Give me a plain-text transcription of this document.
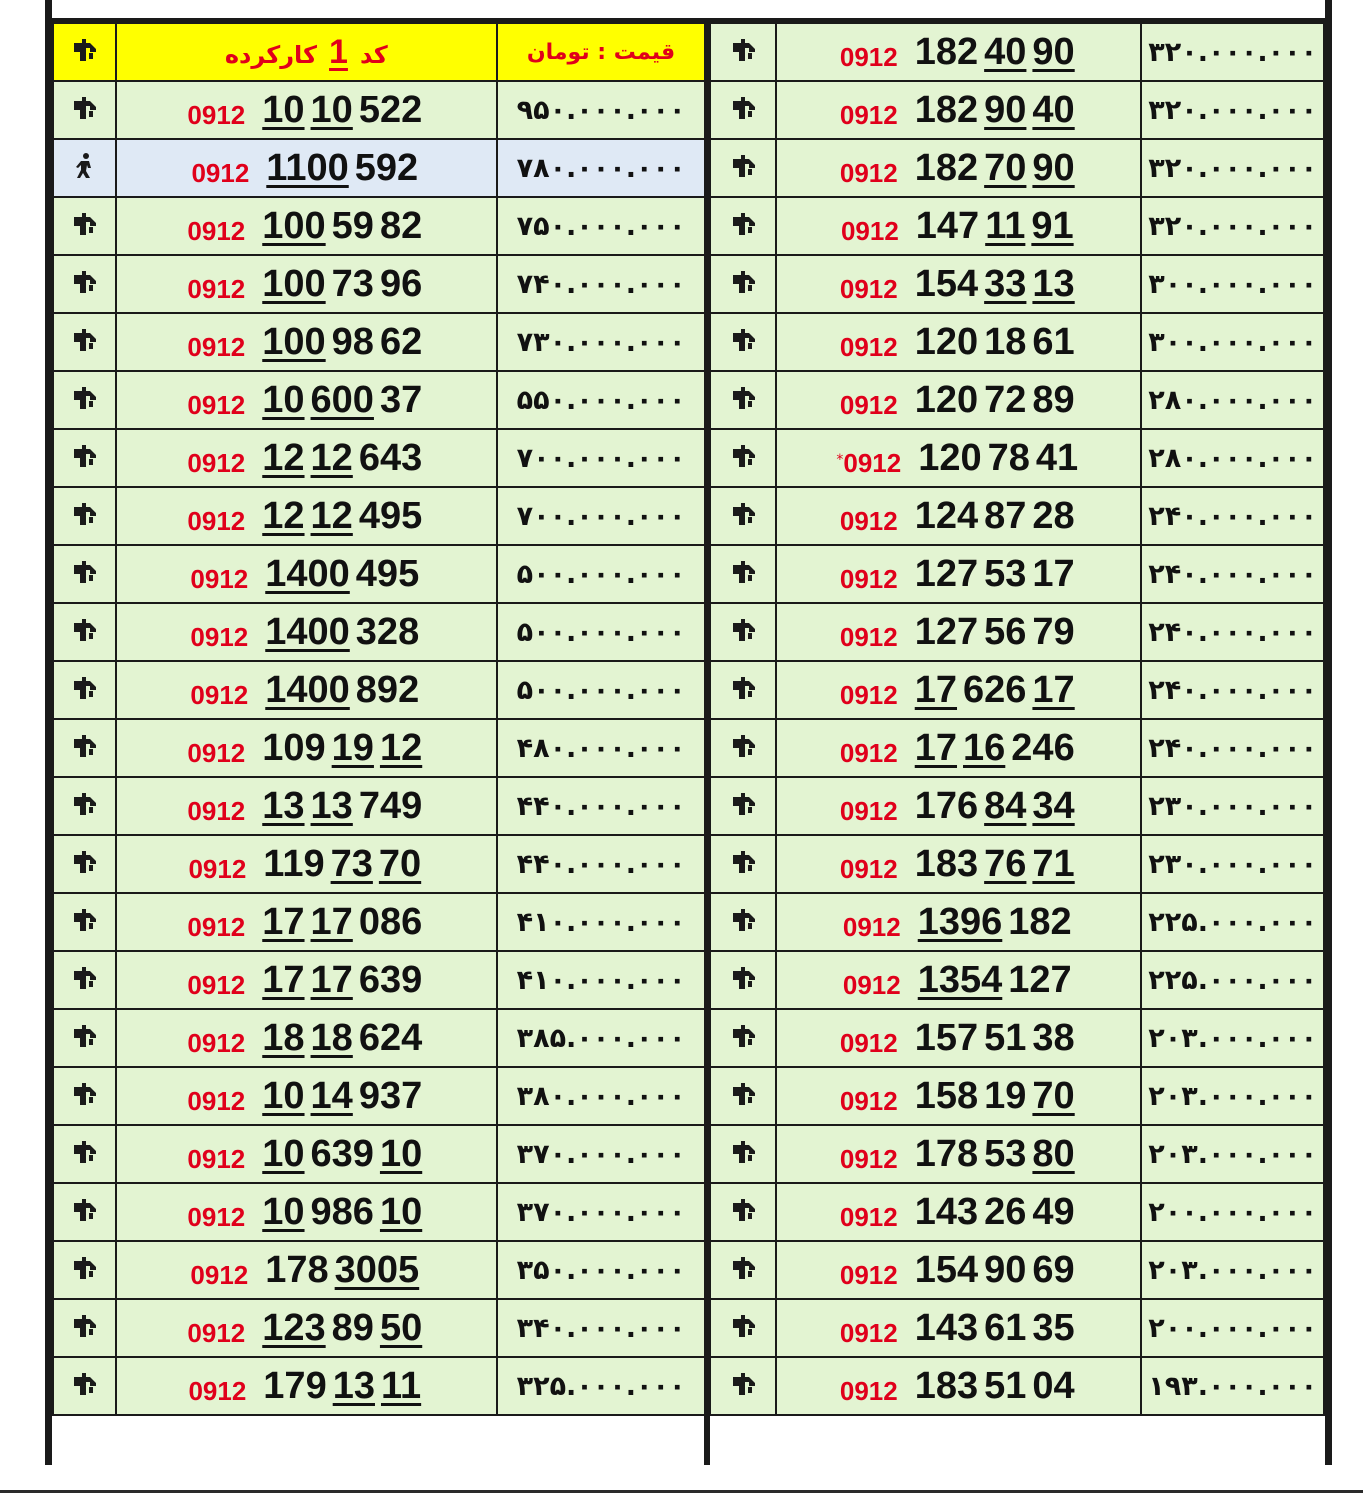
	کد1کارکرده	قیمت : تومان
	0912 10 10 522	۹۵۰.۰۰۰.۰۰۰
	0912 1100 592	۷۸۰.۰۰۰.۰۰۰
	0912 100 59 82	۷۵۰.۰۰۰.۰۰۰
	0912 100 73 96	۷۴۰.۰۰۰.۰۰۰
	0912 100 98 62	۷۳۰.۰۰۰.۰۰۰
	0912 10 600 37	۵۵۰.۰۰۰.۰۰۰
	0912 12 12 643	۷۰۰.۰۰۰.۰۰۰
	0912 12 12 495	۷۰۰.۰۰۰.۰۰۰
	0912 1400 495	۵۰۰.۰۰۰.۰۰۰
	0912 1400 328	۵۰۰.۰۰۰.۰۰۰
	0912 1400 892	۵۰۰.۰۰۰.۰۰۰
	0912 109 19 12	۴۸۰.۰۰۰.۰۰۰
	0912 13 13 749	۴۴۰.۰۰۰.۰۰۰
	0912 119 73 70	۴۴۰.۰۰۰.۰۰۰
	0912 17 17 086	۴۱۰.۰۰۰.۰۰۰
	0912 17 17 639	۴۱۰.۰۰۰.۰۰۰
	0912 18 18 624	۳۸۵.۰۰۰.۰۰۰
	0912 10 14 937	۳۸۰.۰۰۰.۰۰۰
	0912 10 639 10	۳۷۰.۰۰۰.۰۰۰
	0912 10 986 10	۳۷۰.۰۰۰.۰۰۰
	0912 178 3005	۳۵۰.۰۰۰.۰۰۰
	0912 123 89 50	۳۴۰.۰۰۰.۰۰۰
	0912 179 13 11	۳۲۵.۰۰۰.۰۰۰
	0912 182 40 90	۳۲۰.۰۰۰.۰۰۰
	0912 182 90 40	۳۲۰.۰۰۰.۰۰۰
	0912 182 70 90	۳۲۰.۰۰۰.۰۰۰
	0912 147 11 91	۳۲۰.۰۰۰.۰۰۰
	0912 154 33 13	۳۰۰.۰۰۰.۰۰۰
	0912 120 18 61	۳۰۰.۰۰۰.۰۰۰
	0912 120 72 89	۲۸۰.۰۰۰.۰۰۰
	*0912 120 78 41	۲۸۰.۰۰۰.۰۰۰
	0912 124 87 28	۲۴۰.۰۰۰.۰۰۰
	0912 127 53 17	۲۴۰.۰۰۰.۰۰۰
	0912 127 56 79	۲۴۰.۰۰۰.۰۰۰
	0912 17 626 17	۲۴۰.۰۰۰.۰۰۰
	0912 17 16 246	۲۴۰.۰۰۰.۰۰۰
	0912 176 84 34	۲۳۰.۰۰۰.۰۰۰
	0912 183 76 71	۲۳۰.۰۰۰.۰۰۰
	0912 1396 182	۲۲۵.۰۰۰.۰۰۰
	0912 1354 127	۲۲۵.۰۰۰.۰۰۰
	0912 157 51 38	۲۰۳.۰۰۰.۰۰۰
	0912 158 19 70	۲۰۳.۰۰۰.۰۰۰
	0912 178 53 80	۲۰۳.۰۰۰.۰۰۰
	0912 143 26 49	۲۰۰.۰۰۰.۰۰۰
	0912 154 90 69	۲۰۳.۰۰۰.۰۰۰
	0912 143 61 35	۲۰۰.۰۰۰.۰۰۰
	0912 183 51 04	۱۹۳.۰۰۰.۰۰۰
